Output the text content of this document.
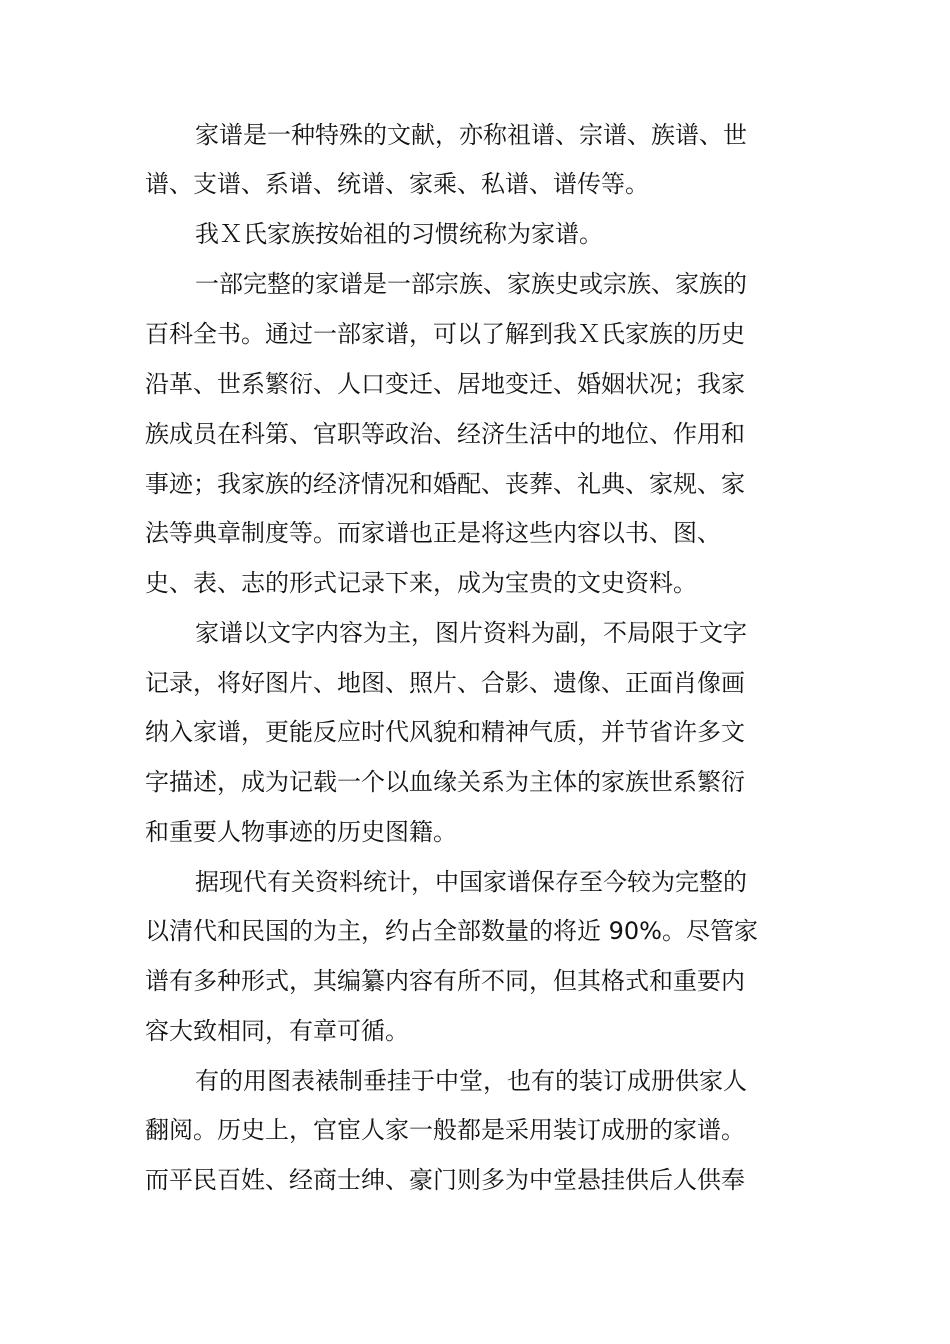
家谱是一种特殊的文献，亦称祖谱、宗谱、族谱、世
谱、支谱、系谱、统谱、家乘、私谱、谱传等。
我Ｘ氏家族按始祖的习惯统称为家谱。
一部完整的家谱是一部宗族、家族史或宗族、家族的
百科全书。通过一部家谱，可以了解到我Ｘ氏家族的历史
沿革、世系繁衍、人口变迁、居地变迁、婚姻状况；我家
族成员在科第、官职等政治、经济生活中的地位、作用和
事迹；我家族的经济情况和婚配、丧葬、礼典、家规、家
法等典章制度等。而家谱也正是将这些内容以书、图、
史、表、志的形式记录下来，成为宝贵的文史资料。
家谱以文字内容为主，图片资料为副，不局限于文字
记录，将好图片、地图、照片、合影、遗像、正面肖像画
纳入家谱，更能反应时代风貌和精神气质，并节省许多文
字描述，成为记载一个以血缘关系为主体的家族世系繁衍
和重要人物事迹的历史图籍。
据现代有关资料统计，中国家谱保存至今较为完整的
以清代和民国的为主，约占全部数量的将近 90%。尽管家
谱有多种形式，其编纂内容有所不同，但其格式和重要内
容大致相同，有章可循。
有的用图表裱制垂挂于中堂，也有的装订成册供家人
翻阅。历史上，官宦人家一般都是采用装订成册的家谱。
而平民百姓、经商士绅、豪门则多为中堂悬挂供后人供奉
